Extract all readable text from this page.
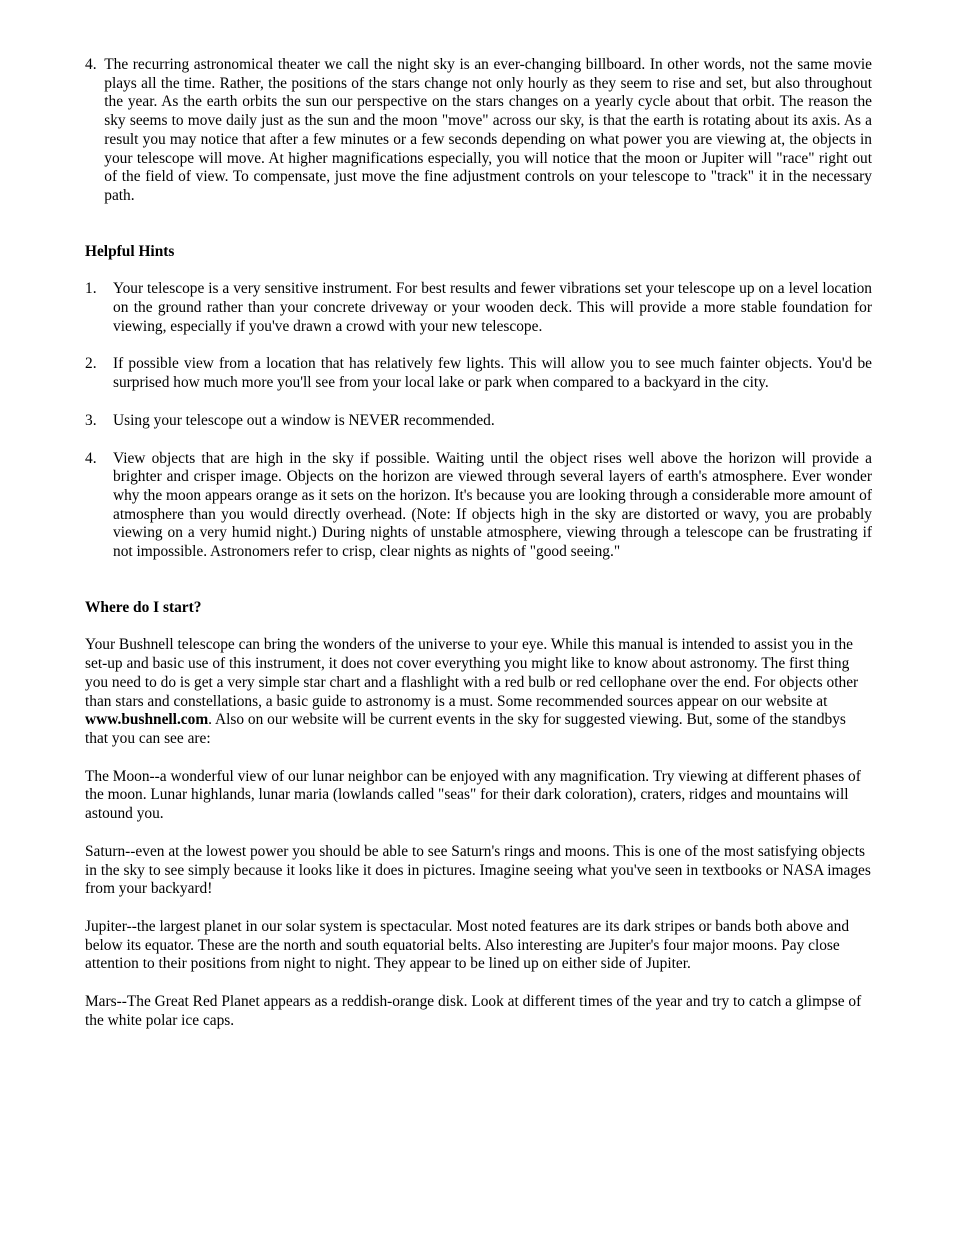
4.
The recurring astronomical theater we call the night sky is an ever-changing billboard. In other words, not the same movie plays all the time. Rather, the positions of the stars change not only hourly as they seem to rise and set, but also throughout the year. As the earth orbits the sun our perspective on the stars changes on a yearly cycle about that orbit. The reason the sky seems to move daily just as the sun and the moon "move" across our sky, is that the earth is rotating about its axis. As a result you may notice that after a few minutes or a few seconds depending on what power you are viewing at, the objects in your telescope will move. At higher magnifications especially, you will notice that the moon or Jupiter will "race" right out of the field of view. To compensate, just move the fine adjustment controls on your telescope to "track" it in the necessary path.
Helpful Hints
1.	Your telescope is a very sensitive instrument. For best results and fewer vibrations set your telescope up on a level location on the ground rather than your concrete driveway or your wooden deck. This will provide a more stable foundation for viewing, especially if you've drawn a crowd with your new telescope.
2.	If possible view from a location that has relatively few lights. This will allow you to see much fainter objects. You'd be surprised how much more you'll see from your local lake or park when compared to a backyard in the city.
3.	Using your telescope out a window is NEVER recommended.
4.	View objects that are high in the sky if possible. Waiting until the object rises well above the horizon will provide a brighter and crisper image. Objects on the horizon are viewed through several layers of earth's atmosphere. Ever wonder why the moon appears orange as it sets on the horizon. It's because you are looking through a considerable more amount of atmosphere than you would directly overhead. (Note: If objects high in the sky are distorted or wavy, you are probably viewing on a very humid night.) During nights of unstable atmosphere, viewing through a telescope can be frustrating if not impossible. Astronomers refer to crisp, clear nights as nights of "good seeing."
Where do I start?
Your Bushnell telescope can bring the wonders of the universe to your eye. While this manual is intended to assist you in the set-up and basic use of this instrument, it does not cover everything you might like to know about astronomy. The first thing you need to do is get a very simple star chart and a flashlight with a red bulb or red cellophane over the end. For objects other than stars and constellations, a basic guide to astronomy is a must. Some recommended sources appear on our website at www.bushnell.com. Also on our website will be current events in the sky for suggested viewing. But, some of the standbys that you can see are:
The Moon--a wonderful view of our lunar neighbor can be enjoyed with any magnification. Try viewing at different phases of the moon. Lunar highlands, lunar maria (lowlands called "seas" for their dark coloration), craters, ridges and mountains will astound you.
Saturn--even at the lowest power you should be able to see Saturn's rings and moons. This is one of the most satisfying objects in the sky to see simply because it looks like it does in pictures. Imagine seeing what you've seen in textbooks or NASA images from your backyard!
Jupiter--the largest planet in our solar system is spectacular. Most noted features are its dark stripes or bands both above and below its equator. These are the north and south equatorial belts. Also interesting are Jupiter's four major moons. Pay close attention to their positions from night to night. They appear to be lined up on either side of Jupiter.
Mars--The Great Red Planet appears as a reddish-orange disk. Look at different times of the year and try to catch a glimpse of the white polar ice caps.
